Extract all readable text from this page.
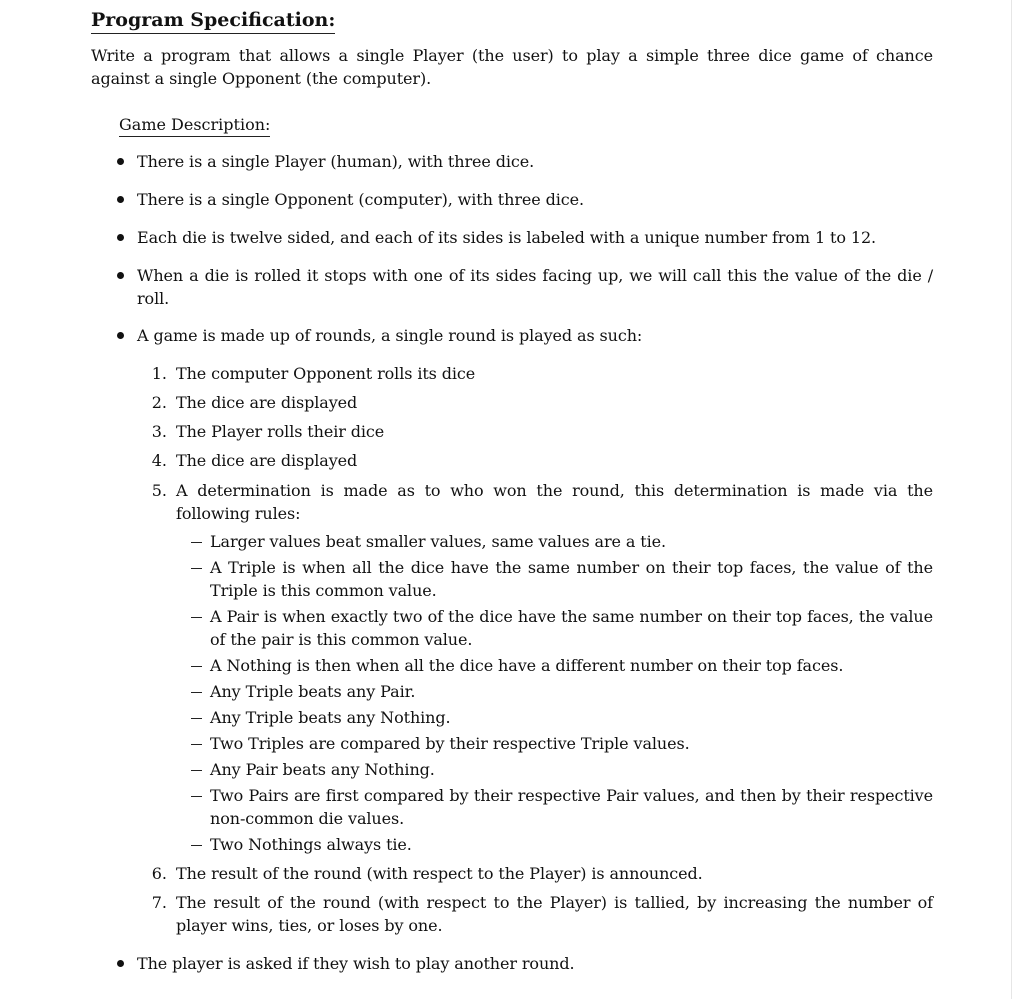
Program Specification:
Write a program that allows a single Player (the user) to play a simple three dice game of chance against a single Opponent (the computer).
Game Description:
There is a single Player (human), with three dice.
There is a single Opponent (computer), with three dice.
Each die is twelve sided, and each of its sides is labeled with a unique number from 1 to 12.
When a die is rolled it stops with one of its sides facing up, we will call this the value of the die / roll.
A game is made up of rounds, a single round is played as such:
1. The computer Opponent rolls its dice
2. The dice are displayed
3. The Player rolls their dice
4. The dice are displayed
5. A determination is made as to who won the round, this determination is made via the following rules:
Larger values beat smaller values, same values are a tie.
A Triple is when all the dice have the same number on their top faces, the value of the Triple is this common value.
A Pair is when exactly two of the dice have the same number on their top faces, the value of the pair is this common value.
A Nothing is then when all the dice have a different number on their top faces.
Any Triple beats any Pair.
Any Triple beats any Nothing.
Two Triples are compared by their respective Triple values.
Any Pair beats any Nothing.
Two Pairs are first compared by their respective Pair values, and then by their respective non-common die values.
Two Nothings always tie.
6. The result of the round (with respect to the Player) is announced.
7. The result of the round (with respect to the Player) is tallied, by increasing the number of player wins, ties, or loses by one.
The player is asked if they wish to play another round.
